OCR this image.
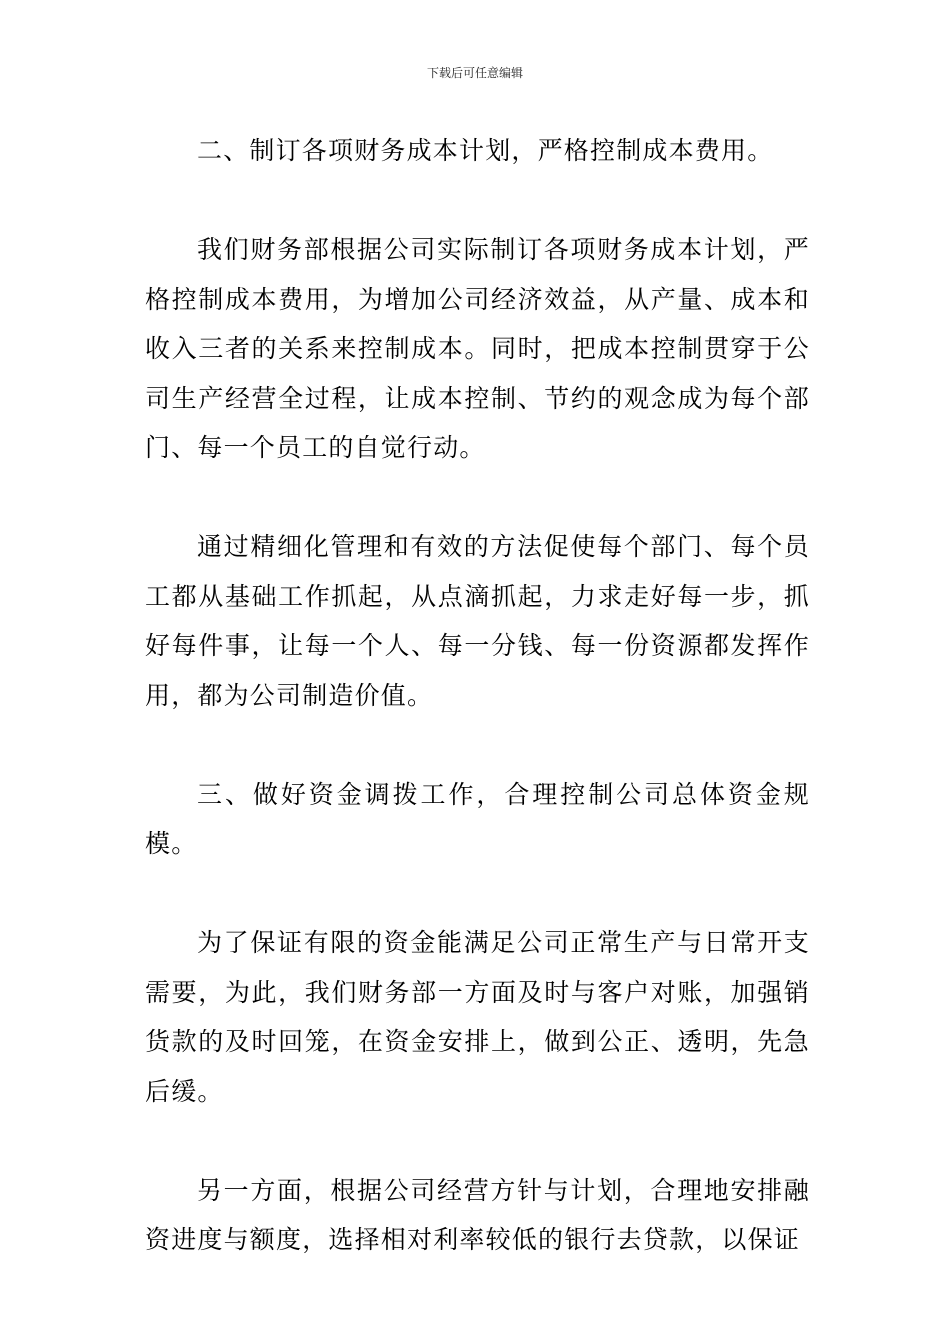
下载后可任意编辑

二、制订各项财务成本计划，严格控制成本费用。

我们财务部根据公司实际制订各项财务成本计划，严格控制成本费用，为增加公司经济效益，从产量、成本和收入三者的关系来控制成本。同时，把成本控制贯穿于公司生产经营全过程，让成本控制、节约的观念成为每个部门、每一个员工的自觉行动。

通过精细化管理和有效的方法促使每个部门、每个员工都从基础工作抓起，从点滴抓起，力求走好每一步，抓好每件事，让每一个人、每一分钱、每一份资源都发挥作用，都为公司制造价值。

三、做好资金调拨工作，合理控制公司总体资金规模。

为了保证有限的资金能满足公司正常生产与日常开支需要，为此，我们财务部一方面及时与客户对账，加强销货款的及时回笼，在资金安排上，做到公正、透明，先急后缓。

另一方面，根据公司经营方针与计划，合理地安排融资进度与额度，选择相对利率较低的银行去贷款，以保证
